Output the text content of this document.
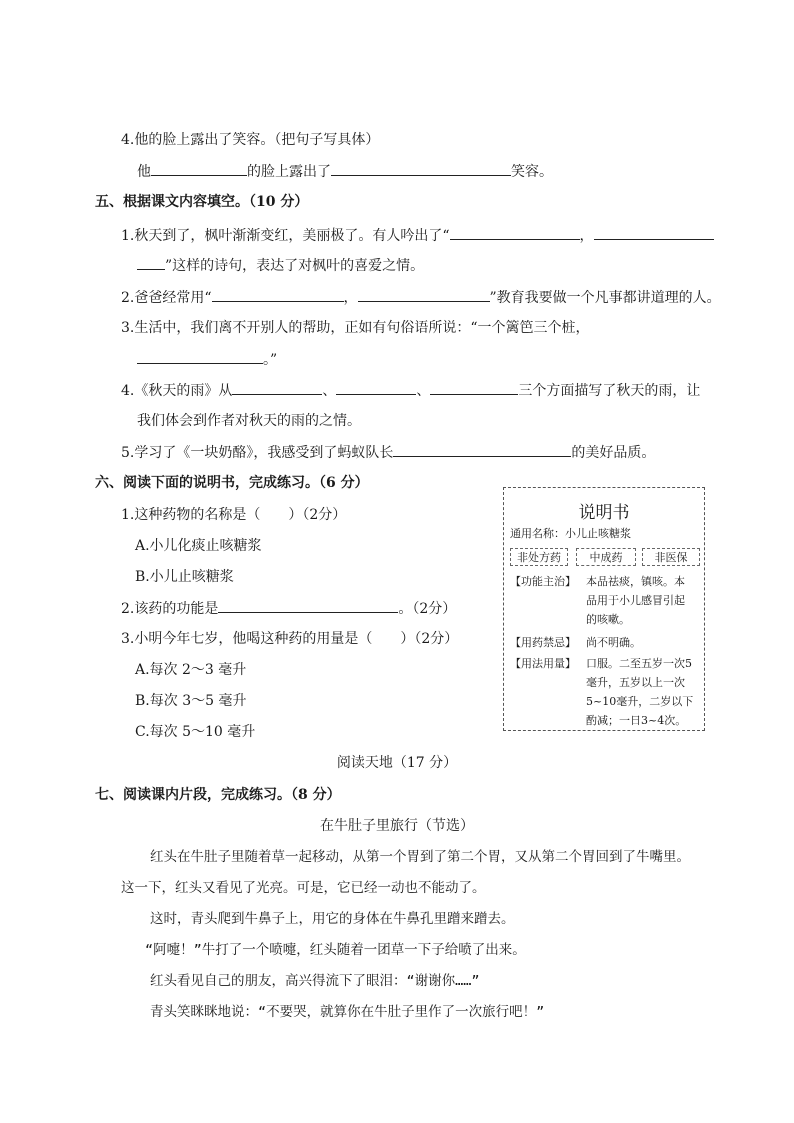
4.他的脸上露出了笑容。（把句子写具体）
他	的脸上露出了	笑容。
五、根据课文内容填空。（10 分）
1.秋天到了，枫叶渐渐变红，美丽极了。有人吟出了“	，
”这样的诗句，表达了对枫叶的喜爱之情。
2.爸爸经常用“	，	”教育我要做一个凡事都讲道理的人。
3.生活中，我们离不开别人的帮助，正如有句俗语所说：“一个篱笆三个桩，
。”
4.《秋天的雨》从	、	、	三个方面描写了秋天的雨，让
我们体会到作者对秋天的雨的之情。
5.学习了《一块奶酪》，我感受到了蚂蚁队长	的美好品质。
六、阅读下面的说明书，完成练习。（6 分）
1.这种药物的名称是（　　）（2分）
A.小儿化痰止咳糖浆
B.小儿止咳糖浆
2.该药的功能是	。（2分）
3.小明今年七岁，他喝这种药的用量是（　　）（2分）
A.每次 2～3 毫升
B.每次 3～5 毫升
C.每次 5～10 毫升
说明书
通用名称：小儿止咳糖浆
非处方药	中成药	非医保
【功能主治】 本品祛痰，镇咳。本
品用于小儿感冒引起
的咳嗽。
【用药禁忌】 尚不明确。
【用法用量】 口服。二至五岁一次5
毫升，五岁以上一次
5~10毫升，二岁以下
酌减；一日3~4次。
阅读天地（17 分）
七、阅读课内片段，完成练习。（8 分）
在牛肚子里旅行（节选）
红头在牛肚子里随着草一起移动，从第一个胃到了第二个胃，又从第二个胃回到了牛嘴里。
这一下，红头又看见了光亮。可是，它已经一动也不能动了。
这时，青头爬到牛鼻子上，用它的身体在牛鼻孔里蹭来蹭去。
“阿嚏！”牛打了一个喷嚏，红头随着一团草一下子给喷了出来。
红头看见自己的朋友，高兴得流下了眼泪：“谢谢你……”
青头笑眯眯地说：“不要哭，就算你在牛肚子里作了一次旅行吧！”
